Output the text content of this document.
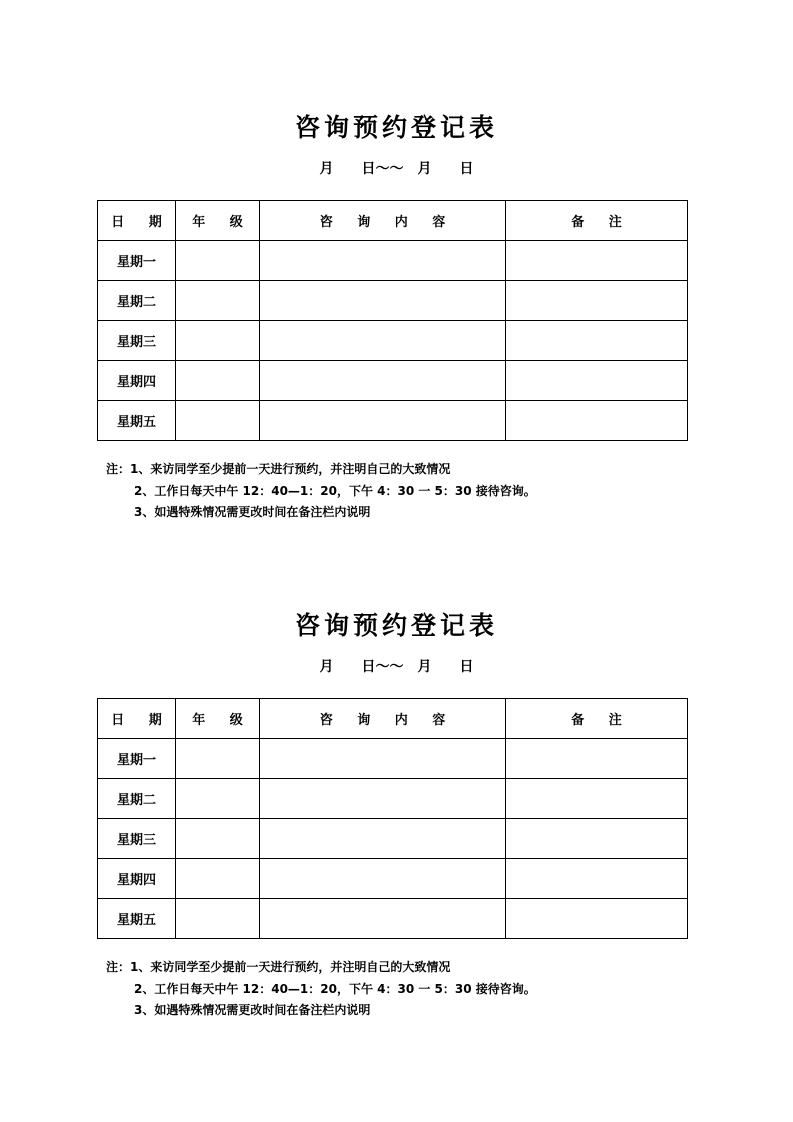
咨询预约登记表
月　　日～～　月　　日
日 期	年 级	咨 询 内 容	备 注
星期一			
星期二			
星期三			
星期四			
星期五			
注：1、来访同学至少提前一天进行预约，并注明自己的大致情况
2、工作日每天中午 12：40—1：20，下午 4：30 一 5：30 接待咨询。
3、如遇特殊情况需更改时间在备注栏内说明
咨询预约登记表
月　　日～～　月　　日
日 期	年 级	咨 询 内 容	备 注
星期一			
星期二			
星期三			
星期四			
星期五			
注：1、来访同学至少提前一天进行预约，并注明自己的大致情况
2、工作日每天中午 12：40—1：20，下午 4：30 一 5：30 接待咨询。
3、如遇特殊情况需更改时间在备注栏内说明
